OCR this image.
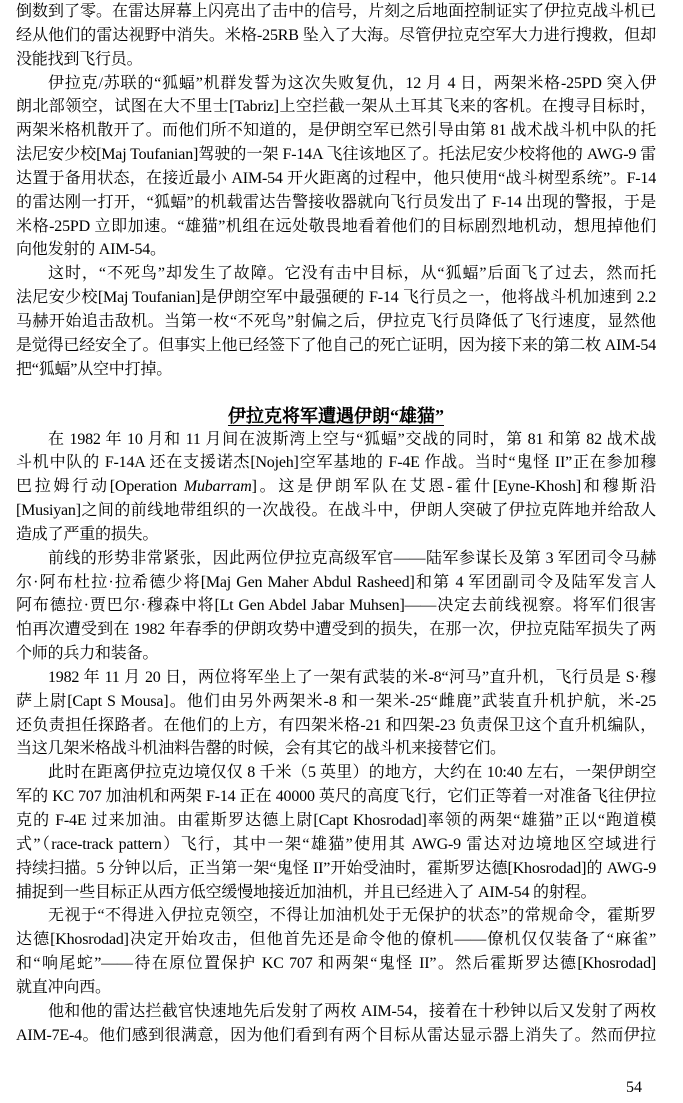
倒数到了零。在雷达屏幕上闪亮出了击中的信号，片刻之后地面控制证实了伊拉克战斗机已
经从他们的雷达视野中消失。米格-25RB 坠入了大海。尽管伊拉克空军大力进行搜救，但却
没能找到飞行员。
伊拉克/苏联的“狐蝠”机群发誓为这次失败复仇，12 月 4 日，两架米格-25PD 突入伊
朗北部领空，试图在大不里士[Tabriz]上空拦截一架从土耳其飞来的客机。在搜寻目标时，
两架米格机散开了。而他们所不知道的，是伊朗空军已然引导由第 81 战术战斗机中队的托
法尼安少校[Maj Toufanian]驾驶的一架 F-14A 飞往该地区了。托法尼安少校将他的 AWG-9 雷
达置于备用状态，在接近最小 AIM-54 开火距离的过程中，他只使用“战斗树型系统”。F-14
的雷达刚一打开，“狐蝠”的机载雷达告警接收器就向飞行员发出了 F-14 出现的警报，于是
米格-25PD 立即加速。“雄猫”机组在远处敬畏地看着他们的目标剧烈地机动，想甩掉他们
向他发射的 AIM-54。
这时，“不死鸟”却发生了故障。它没有击中目标，从“狐蝠”后面飞了过去，然而托
法尼安少校[Maj Toufanian]是伊朗空军中最强硬的 F-14 飞行员之一，他将战斗机加速到 2.2
马赫开始追击敌机。当第一枚“不死鸟”射偏之后，伊拉克飞行员降低了飞行速度，显然他
是觉得已经安全了。但事实上他已经签下了他自己的死亡证明，因为接下来的第二枚 AIM-54
把“狐蝠”从空中打掉。
伊拉克将军遭遇伊朗“雄猫”
在 1982 年 10 月和 11 月间在波斯湾上空与“狐蝠”交战的同时，第 81 和第 82 战术战
斗机中队的 F-14A 还在支援诺杰[Nojeh]空军基地的 F-4E 作战。当时“鬼怪 II”正在参加穆
巴拉姆行动[Operation Mubarram]。这是伊朗军队在艾恩-霍什[Eyne-Khosh]和穆斯沿
[Musiyan]之间的前线地带组织的一次战役。在战斗中，伊朗人突破了伊拉克阵地并给敌人
造成了严重的损失。
前线的形势非常紧张，因此两位伊拉克高级军官——陆军参谋长及第 3 军团司令马赫
尔·阿布杜拉·拉希德少将[Maj Gen Maher Abdul Rasheed]和第 4 军团副司令及陆军发言人
阿布德拉·贾巴尔·穆森中将[Lt Gen Abdel Jabar Muhsen]——决定去前线视察。将军们很害
怕再次遭受到在 1982 年春季的伊朗攻势中遭受到的损失，在那一次，伊拉克陆军损失了两
个师的兵力和装备。
1982 年 11 月 20 日，两位将军坐上了一架有武装的米-8“河马”直升机，飞行员是 S·穆
萨上尉[Capt S Mousa]。他们由另外两架米-8 和一架米-25“雌鹿”武装直升机护航，米-25
还负责担任探路者。在他们的上方，有四架米格-21 和四架-23 负责保卫这个直升机编队，
当这几架米格战斗机油料告罄的时候，会有其它的战斗机来接替它们。
此时在距离伊拉克边境仅仅 8 千米（5 英里）的地方，大约在 10:40 左右，一架伊朗空
军的 KC 707 加油机和两架 F-14 正在 40000 英尺的高度飞行，它们正等着一对准备飞往伊拉
克的 F-4E 过来加油。由霍斯罗达德上尉[Capt Khosrodad]率领的两架“雄猫”正以“跑道模
式”（race-track pattern）飞行，其中一架“雄猫”使用其 AWG-9 雷达对边境地区空域进行
持续扫描。5 分钟以后，正当第一架“鬼怪 II”开始受油时，霍斯罗达德[Khosrodad]的 AWG-9
捕捉到一些目标正从西方低空缓慢地接近加油机，并且已经进入了 AIM-54 的射程。
无视于“不得进入伊拉克领空，不得让加油机处于无保护的状态”的常规命令，霍斯罗
达德[Khosrodad]决定开始攻击，但他首先还是命令他的僚机——僚机仅仅装备了“麻雀”
和“响尾蛇”——待在原位置保护 KC 707 和两架“鬼怪 II”。然后霍斯罗达德[Khosrodad]
就直冲向西。
他和他的雷达拦截官快速地先后发射了两枚 AIM-54，接着在十秒钟以后又发射了两枚
AIM-7E-4。他们感到很满意，因为他们看到有两个目标从雷达显示器上消失了。然而伊拉
54
